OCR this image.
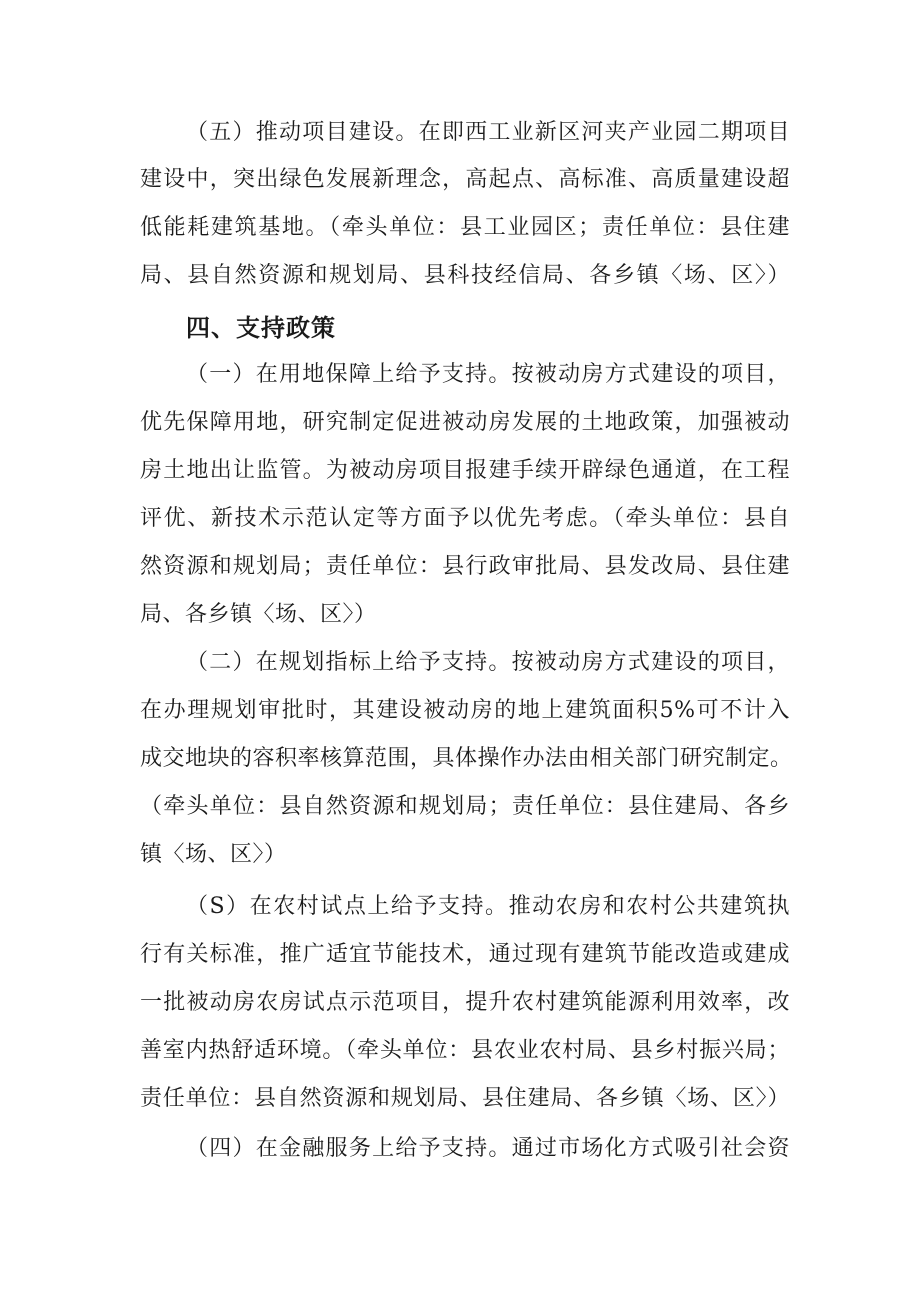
（五）推动项目建设。在即西工业新区河夹产业园二期项目
建设中，突出绿色发展新理念，高起点、高标准、高质量建设超
低能耗建筑基地。（牵头单位：县工业园区；责任单位：县住建
局、县自然资源和规划局、县科技经信局、各乡镇〈场、区〉）
四、支持政策
（一）在用地保障上给予支持。按被动房方式建设的项目，
优先保障用地，研究制定促进被动房发展的土地政策，加强被动
房土地出让监管。为被动房项目报建手续开辟绿色通道，在工程
评优、新技术示范认定等方面予以优先考虑。（牵头单位：县自
然资源和规划局；责任单位：县行政审批局、县发改局、县住建
局、各乡镇〈场、区〉）
（二）在规划指标上给予支持。按被动房方式建设的项目，
在办理规划审批时，其建设被动房的地上建筑面积5%可不计入
成交地块的容积率核算范围，具体操作办法由相关部门研究制定。
（牵头单位：县自然资源和规划局；责任单位：县住建局、各乡
镇〈场、区〉）
（S）在农村试点上给予支持。推动农房和农村公共建筑执
行有关标准，推广适宜节能技术，通过现有建筑节能改造或建成
一批被动房农房试点示范项目，提升农村建筑能源利用效率，改
善室内热舒适环境。（牵头单位：县农业农村局、县乡村振兴局；
责任单位：县自然资源和规划局、县住建局、各乡镇〈场、区〉）
（四）在金融服务上给予支持。通过市场化方式吸引社会资
